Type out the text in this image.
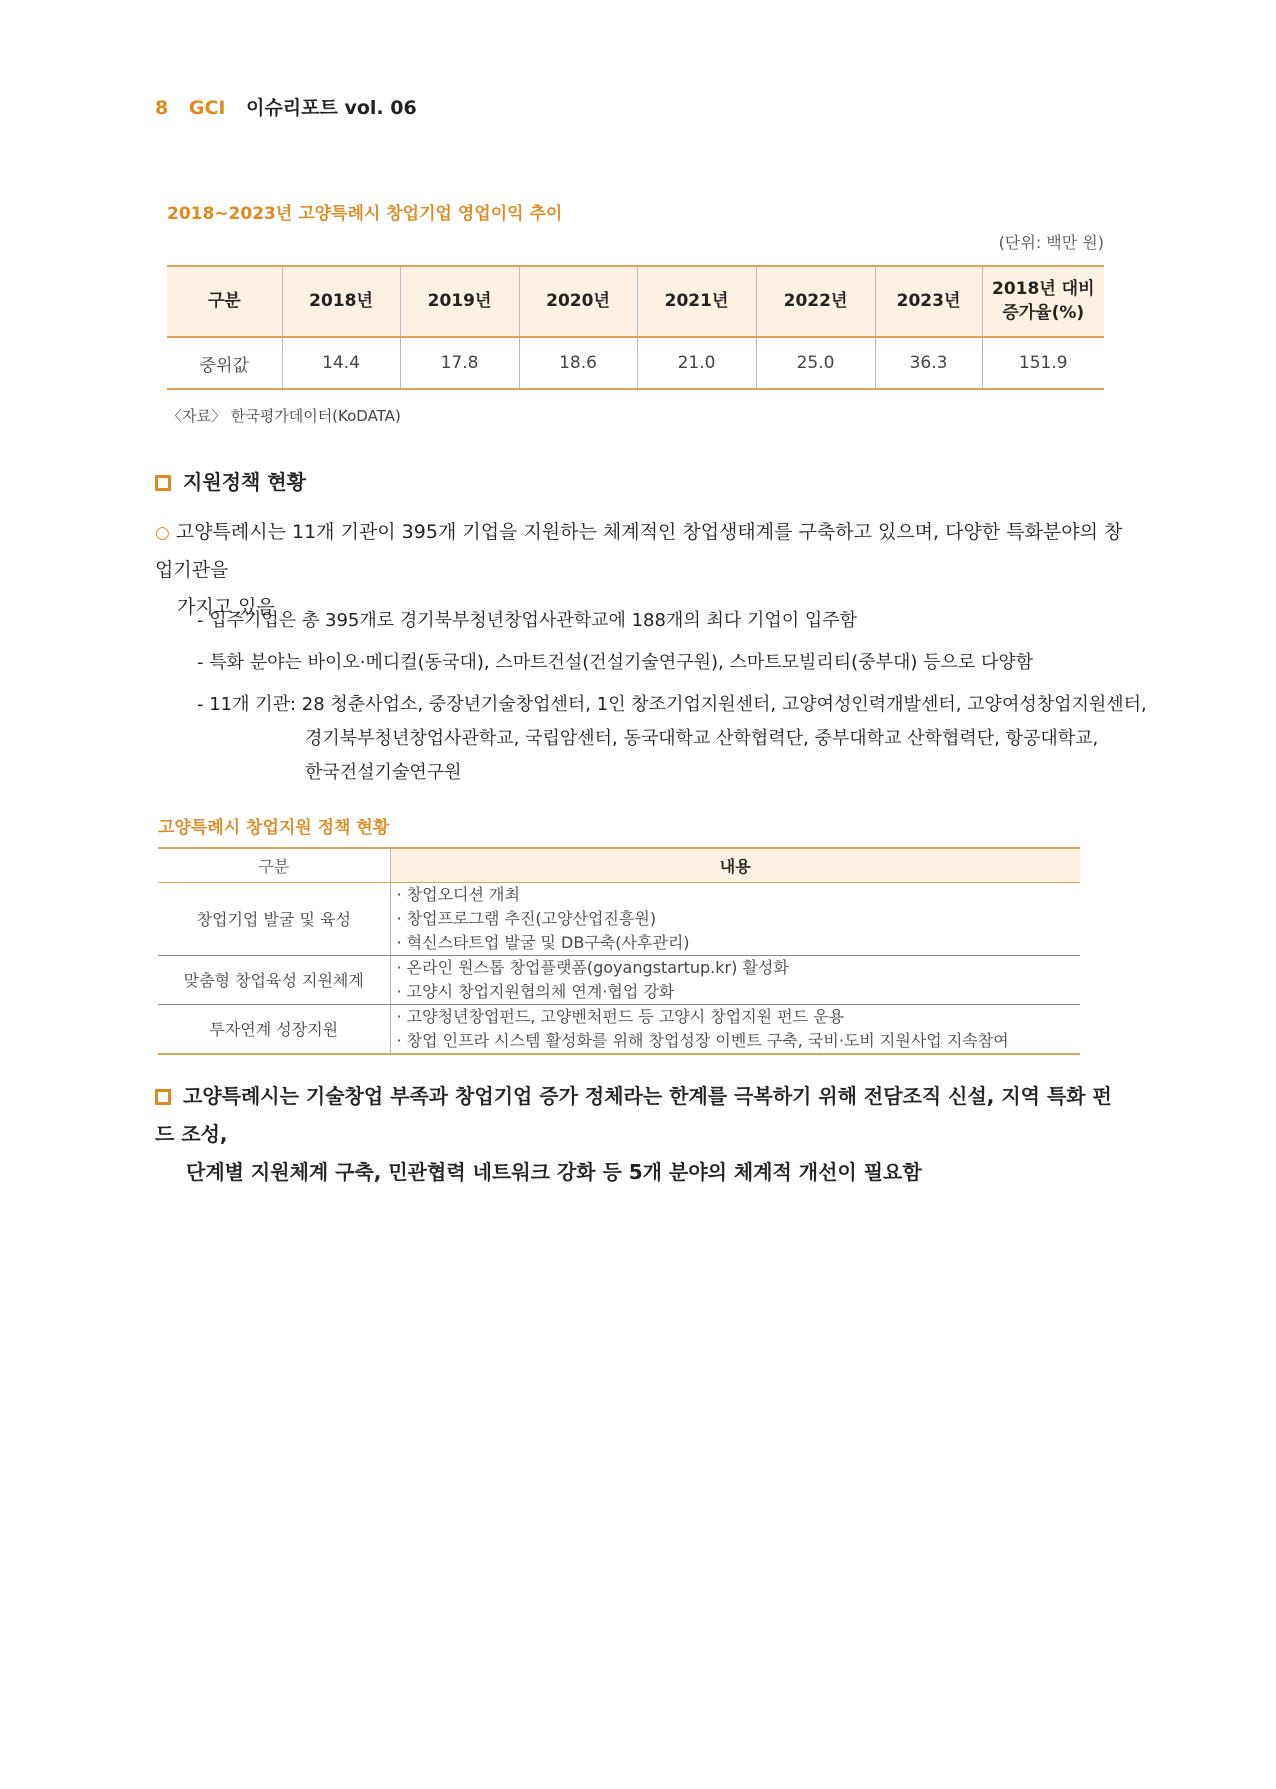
8 GCI 이슈리포트 vol. 06
2018~2023년 고양특례시 창업기업 영업이익 추이
(단위: 백만 원)
구분	2018년	2019년	2020년	2021년	2022년	2023년	2018년 대비
증가율(%)
중위값	14.4	17.8	18.6	21.0	25.0	36.3	151.9
〈자료〉 한국평가데이터(KoDATA)
지원정책 현황
○ 고양특례시는 11개 기관이 395개 기업을 지원하는 체계적인 창업생태계를 구축하고 있으며, 다양한 특화분야의 창업기관을
가지고 있음
- 입주기업은 총 395개로 경기북부청년창업사관학교에 188개의 최다 기업이 입주함
- 특화 분야는 바이오·메디컬(동국대), 스마트건설(건설기술연구원), 스마트모빌리티(중부대) 등으로 다양함
- 11개 기관: 28 청춘사업소, 중장년기술창업센터, 1인 창조기업지원센터, 고양여성인력개발센터, 고양여성창업지원센터,
경기북부청년창업사관학교, 국립암센터, 동국대학교 산학협력단, 중부대학교 산학협력단, 항공대학교,
한국건설기술연구원
고양특례시 창업지원 정책 현황
구분	내용
창업기업 발굴 및 육성	· 창업오디션 개최
· 창업프로그램 추진(고양산업진흥원)
· 혁신스타트업 발굴 및 DB구축(사후관리)

맞춤형 창업육성 지원체계	· 온라인 원스톱 창업플랫폼(goyangstartup.kr) 활성화
· 고양시 창업지원협의체 연계·협업 강화

투자연계 성장지원	· 고양청년창업펀드, 고양벤처펀드 등 고양시 창업지원 펀드 운용
· 창업 인프라 시스템 활성화를 위해 창업성장 이벤트 구축, 국비·도비 지원사업 지속참여
고양특례시는 기술창업 부족과 창업기업 증가 정체라는 한계를 극복하기 위해 전담조직 신설, 지역 특화 펀드 조성,
단계별 지원체계 구축, 민관협력 네트워크 강화 등 5개 분야의 체계적 개선이 필요함
